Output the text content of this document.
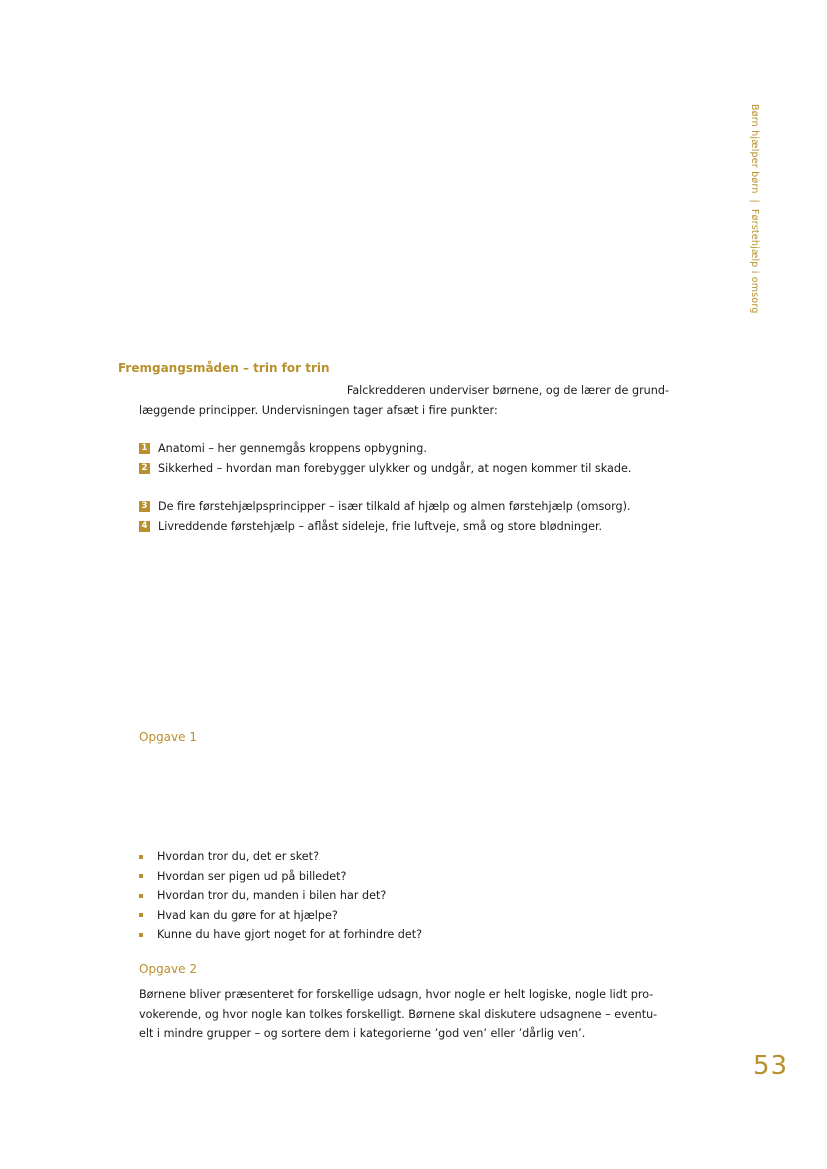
Børn hjælper børn|Førstehjælp i omsorg
Fremgangsmåden – trin for trin
Falckredderen underviser børnene, og de lærer de grund-
læggende principper. Undervisningen tager afsæt i fire punkter:
1 Anatomi – her gennemgås kroppens opbygning.
2 Sikkerhed – hvordan man forebygger ulykker og undgår, at nogen kommer til skade.
3 De fire førstehjælpsprincipper – især tilkald af hjælp og almen førstehjælp (omsorg).
4 Livreddende førstehjælp – aflåst sideleje, frie luftveje, små og store blødninger.
Opgave 1
Hvordan tror du, det er sket?
Hvordan ser pigen ud på billedet?
Hvordan tror du, manden i bilen har det?
Hvad kan du gøre for at hjælpe?
Kunne du have gjort noget for at forhindre det?
Opgave 2
Børnene bliver præsenteret for forskellige udsagn, hvor nogle er helt logiske, nogle lidt pro-
vokerende, og hvor nogle kan tolkes forskelligt. Børnene skal diskutere udsagnene – eventu-
elt i mindre grupper – og sortere dem i kategorierne ’god ven’ eller ’dårlig ven’.
53
